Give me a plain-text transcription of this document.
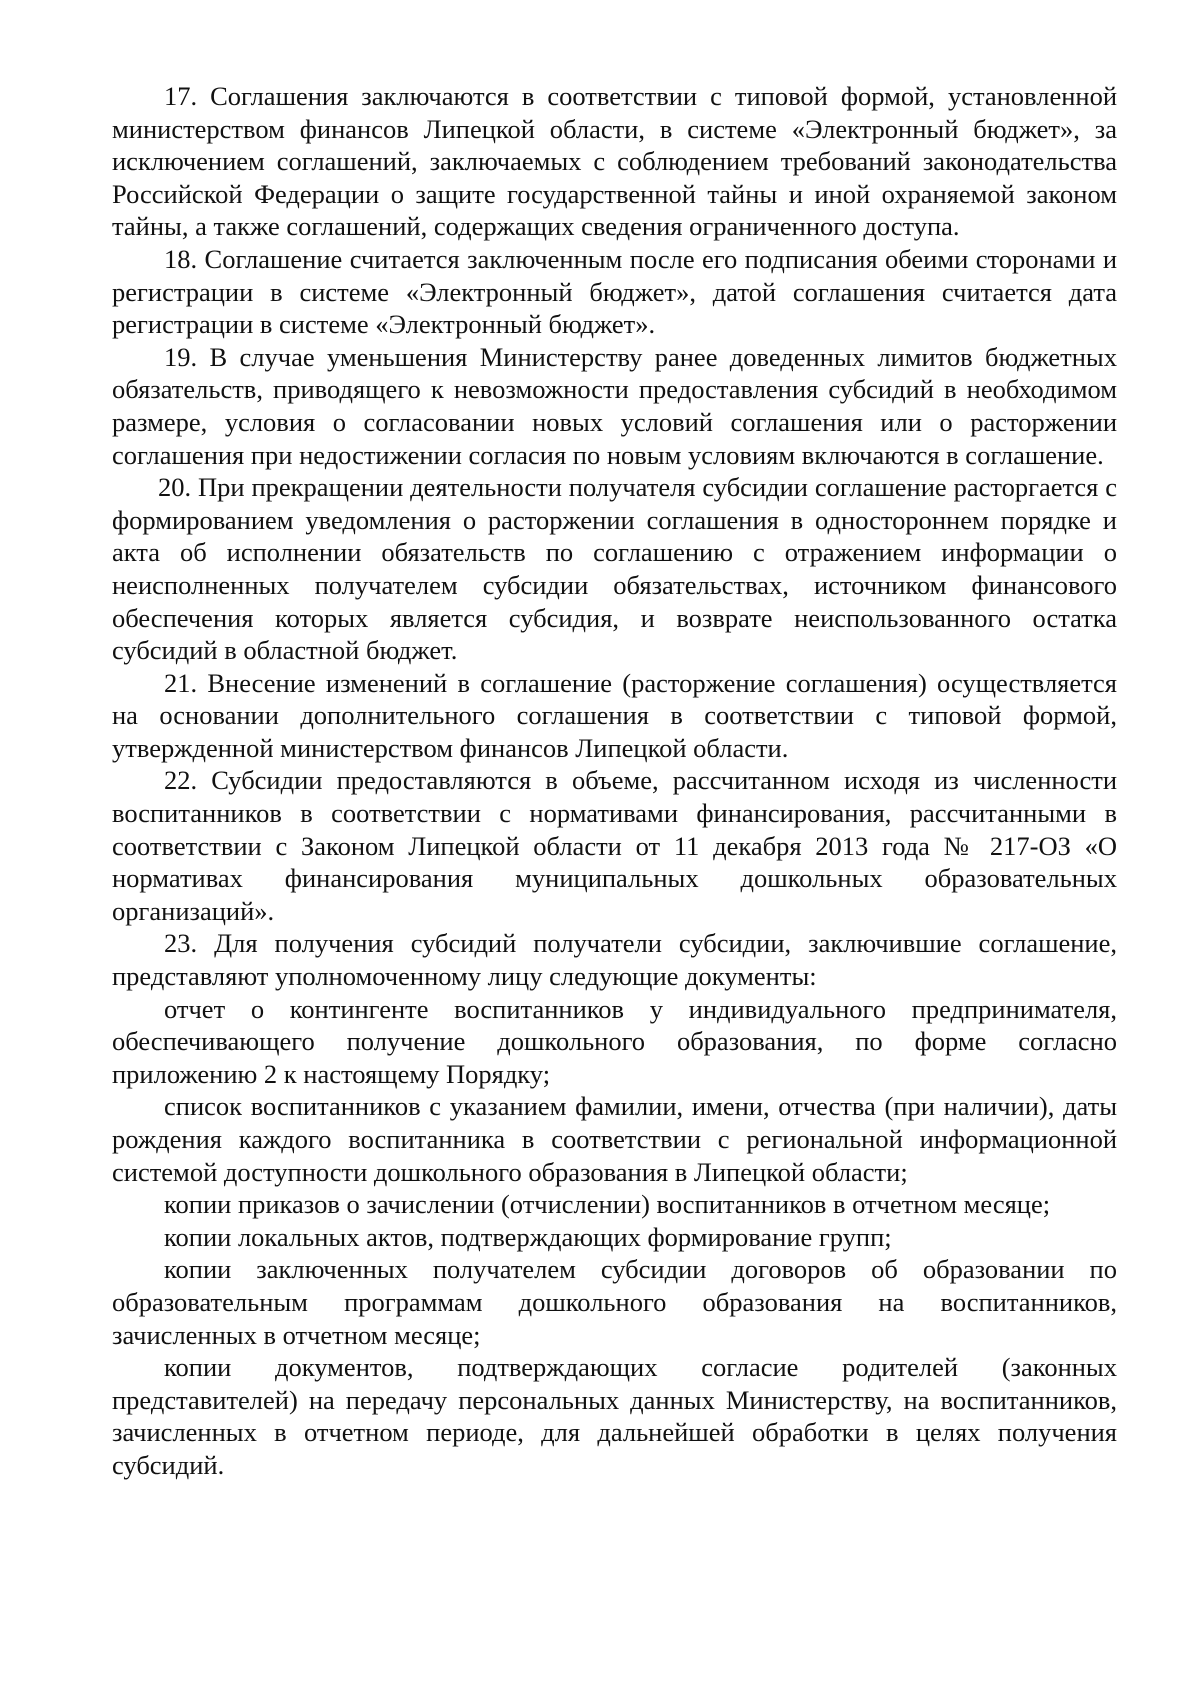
17. Соглашения заключаются в соответствии с типовой формой, установленной министерством финансов Липецкой области, в системе «Электронный бюджет», за исключением соглашений, заключаемых с соблюдением требований законодательства Российской Федерации о защите государственной тайны и иной охраняемой законом тайны, а также соглашений, содержащих сведения ограниченного доступа.

18. Соглашение считается заключенным после его подписания обеими сторонами и регистрации в системе «Электронный бюджет», датой соглашения считается дата регистрации в системе «Электронный бюджет».

19. В случае уменьшения Министерству ранее доведенных лимитов бюджетных обязательств, приводящего к невозможности предоставления субсидий в необходимом размере, условия о согласовании новых условий соглашения или о расторжении соглашения при недостижении согласия по новым условиям включаются в соглашение.

20. При прекращении деятельности получателя субсидии соглашение расторгается с формированием уведомления о расторжении соглашения в одностороннем порядке и акта об исполнении обязательств по соглашению с отражением информации о неисполненных получателем субсидии обязательствах, источником финансового обеспечения которых является субсидия, и возврате неиспользованного остатка субсидий в областной бюджет.

21. Внесение изменений в соглашение (расторжение соглашения) осуществляется на основании дополнительного соглашения в соответствии с типовой формой, утвержденной министерством финансов Липецкой области.

22. Субсидии предоставляются в объеме, рассчитанном исходя из численности воспитанников в соответствии с нормативами финансирования, рассчитанными в соответствии с Законом Липецкой области от 11 декабря 2013 года № 217-ОЗ «О нормативах финансирования муниципальных дошкольных образовательных организаций».

23. Для получения субсидий получатели субсидии, заключившие соглашение, представляют уполномоченному лицу следующие документы:

отчет о контингенте воспитанников у индивидуального предпринимателя, обеспечивающего получение дошкольного образования, по форме согласно приложению 2 к настоящему Порядку;

список воспитанников с указанием фамилии, имени, отчества (при наличии), даты рождения каждого воспитанника в соответствии с региональной информационной системой доступности дошкольного образования в Липецкой области;

копии приказов о зачислении (отчислении) воспитанников в отчетном месяце;

копии локальных актов, подтверждающих формирование групп;

копии заключенных получателем субсидии договоров об образовании по образовательным программам дошкольного образования на воспитанников, зачисленных в отчетном месяце;

копии документов, подтверждающих согласие родителей (законных представителей) на передачу персональных данных Министерству, на воспитанников, зачисленных в отчетном периоде, для дальнейшей обработки в целях получения субсидий.
